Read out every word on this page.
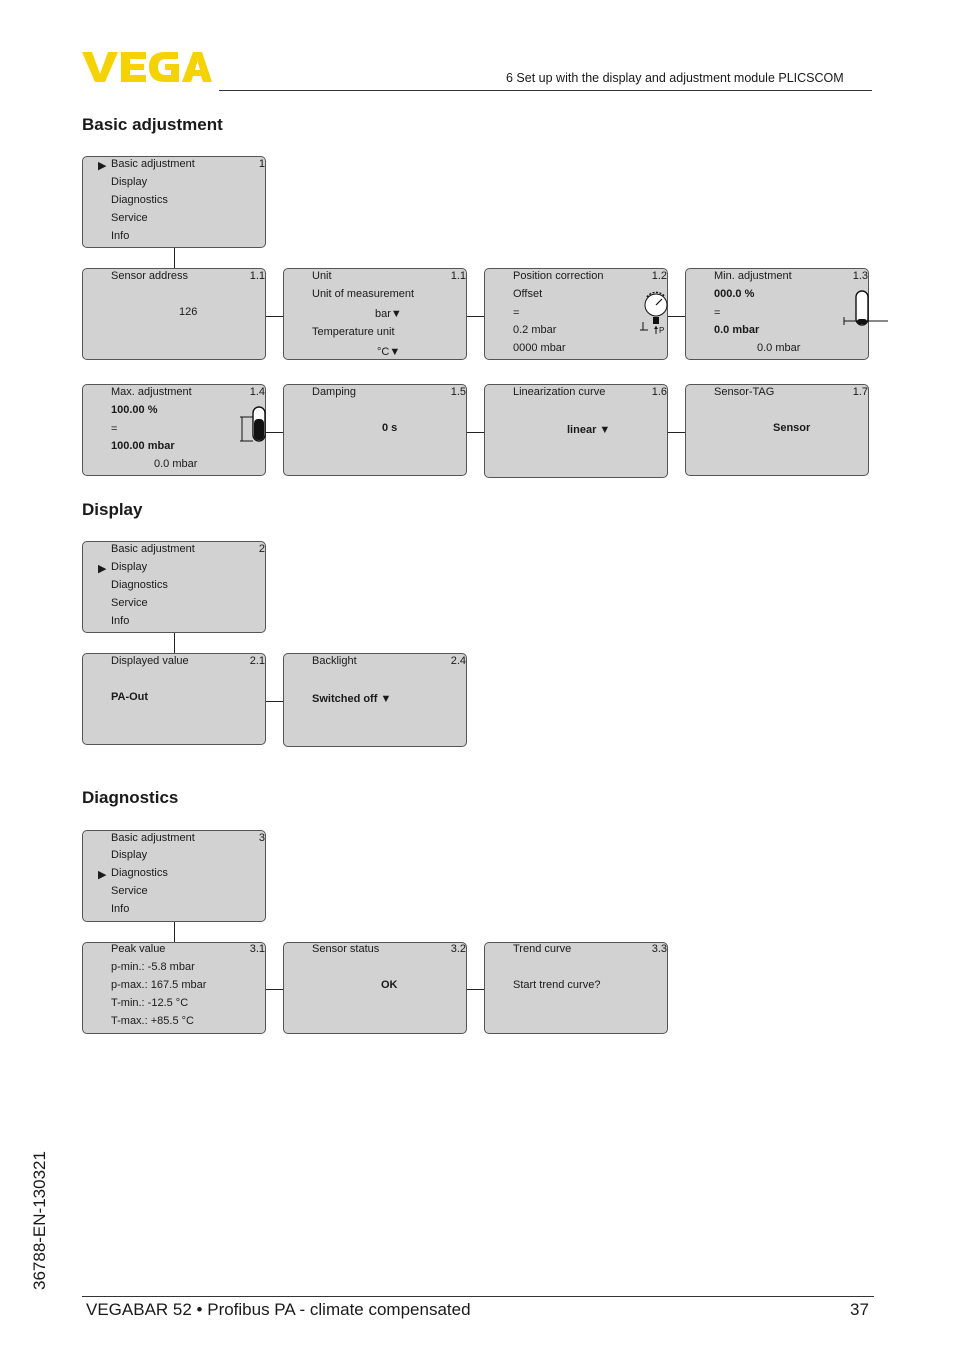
6 Set up with the display and adjustment module PLICSCOM
Basic adjustment
Display
Diagnostics
▶ Basic adjustment
Display
Diagnostics
Service
Info
1
Sensor address	1.1
126
Unit	1.1
Unit of measurement
bar▼
Temperature unit
°C▼
Position correction	1.2
Offset
=
0.2 mbar
0000 mbar
P
Min. adjustment	1.3
000.0 %
=
0.0 mbar
0.0 mbar
Max. adjustment	1.4
100.00 %
=
100.00 mbar
0.0 mbar
Damping	1.5
0 s
Linearization curve	1.6
linear ▼
Sensor-TAG	1.7
Sensor
Basic adjustment
▶ Display
Diagnostics
Service
Info
2
Displayed value	2.1
PA-Out
Backlight	2.4
Switched off ▼
Basic adjustment
Display
▶ Diagnostics
Service
Info
3
Peak value	3.1
p-min.: -5.8 mbar
p-max.: 167.5 mbar
T-min.: -12.5 °C
T-max.: +85.5 °C
Sensor status	3.2
OK
Trend curve	3.3
Start trend curve?
36788-EN-130321
VEGABAR 52 • Profibus PA - climate compensated	37
